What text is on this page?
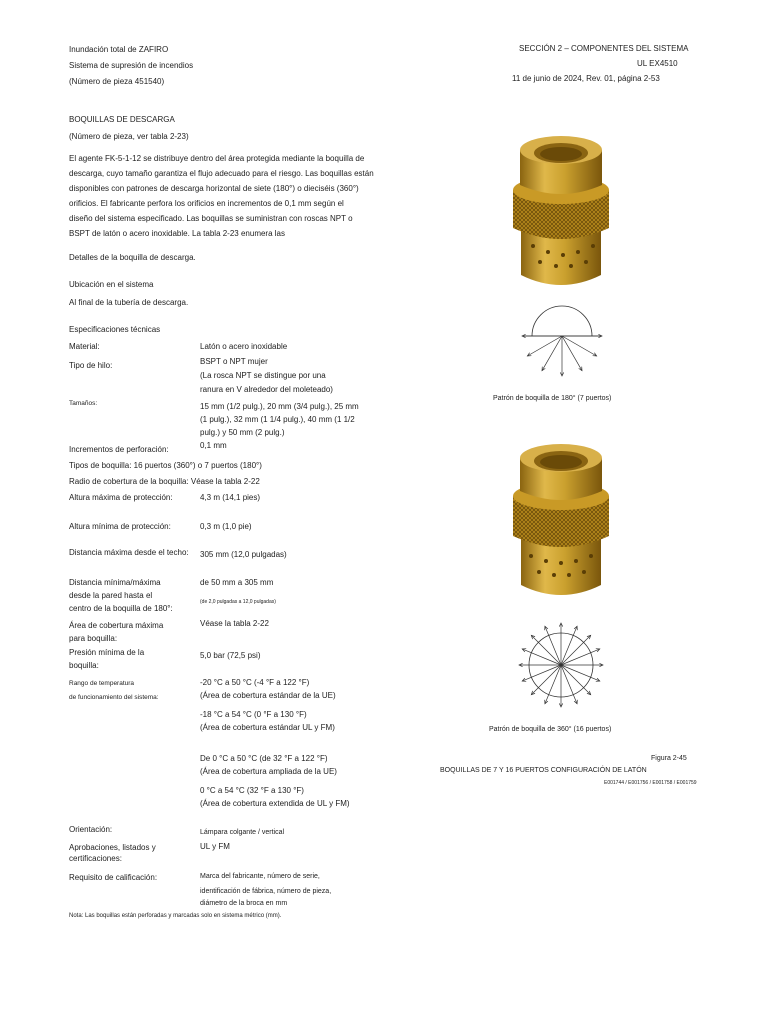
Inundación total de ZAFIRO
Sistema de supresión de incendios
(Número de pieza 451540)
SECCIÓN 2 – COMPONENTES DEL SISTEMA
UL EX4510
11 de junio de 2024, Rev. 01, página 2-53
BOQUILLAS DE DESCARGA
(Número de pieza, ver tabla 2-23)
El agente FK-5-1-12 se distribuye dentro del área protegida mediante la boquilla de
descarga, cuyo tamaño garantiza el flujo adecuado para el riesgo. Las boquillas están
disponibles con patrones de descarga horizontal de siete (180°) o dieciséis (360°)
orificios. El fabricante perfora los orificios en incrementos de 0,1 mm según el
diseño del sistema especificado. Las boquillas se suministran con roscas NPT o
BSPT de latón o acero inoxidable. La tabla 2-23 enumera las
Detalles de la boquilla de descarga.
Ubicación en el sistema
Al final de la tubería de descarga.
Especificaciones técnicas
Material:	Latón o acero inoxidable
Tipo de hilo:	BSPT o NPT mujer
(La rosca NPT se distingue por una
ranura en V alrededor del moleteado)
Tamaños:	15 mm (1/2 pulg.), 20 mm (3/4 pulg.), 25 mm
(1 pulg.), 32 mm (1 1/4 pulg.), 40 mm (1 1/2
pulg.) y 50 mm (2 pulg.)
Incrementos de perforación:	0,1 mm
Tipos de boquilla: 16 puertos (360°) o 7 puertos (180°)
Radio de cobertura de la boquilla: Véase la tabla 2-22
Altura máxima de protección:	4,3 m (14,1 pies)
Altura mínima de protección:	0,3 m (1,0 pie)
Distancia máxima desde el techo:	305 mm (12,0 pulgadas)
Distancia mínima/máxima
desde la pared hasta el
centro de la boquilla de 180°:
de 50 mm a 305 mm
(de 2,0 pulgadas a 12,0 pulgadas)
Área de cobertura máxima
para boquilla:
Véase la tabla 2-22
Presión mínima de la
boquilla:
5,0 bar (72,5 psi)
Rango de temperatura
de funcionamiento del sistema:
-20 °C a 50 °C (-4 °F a 122 °F)
(Área de cobertura estándar de la UE)
-18 °C a 54 °C (0 °F a 130 °F)
(Área de cobertura estándar UL y FM)
De 0 °C a 50 °C (de 32 °F a 122 °F)
(Área de cobertura ampliada de la UE)
0 °C a 54 °C (32 °F a 130 °F)
(Área de cobertura extendida de UL y FM)
Orientación:	Lámpara colgante / vertical
Aprobaciones, listados y
certificaciones:
UL y FM
Requisito de calificación:	Marca del fabricante, número de serie,
identificación de fábrica, número de pieza,
diámetro de la broca en mm
Nota: Las boquillas están perforadas y marcadas solo en sistema métrico (mm).
Patrón de boquilla de 180° (7 puertos)
Patrón de boquilla de 360° (16 puertos)
Figura 2-45
BOQUILLAS DE 7 Y 16 PUERTOS CONFIGURACIÓN DE LATÓN
E001744 / E001756 / E001758 / E001759
